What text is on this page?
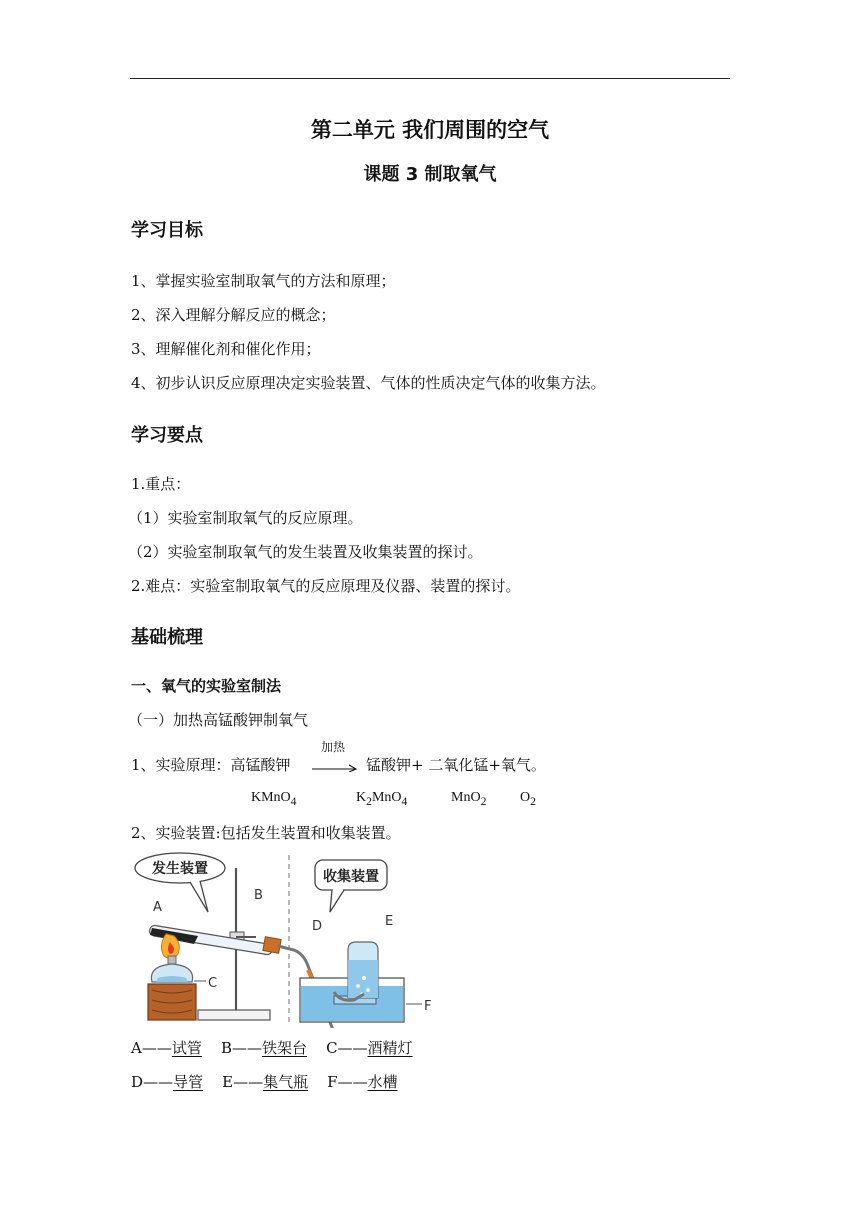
第二单元 我们周围的空气
课题 3 制取氧气
学习目标
1、掌握实验室制取氧气的方法和原理；
2、深入理解分解反应的概念；
3、理解催化剂和催化作用；
4、初步认识反应原理决定实验装置、气体的性质决定气体的收集方法。
学习要点
1.重点：
（1）实验室制取氧气的反应原理。
（2）实验室制取氧气的发生装置及收集装置的探讨。
2.难点：实验室制取氧气的反应原理及仪器、装置的探讨。
基础梳理
一、氧气的实验室制法
（一）加热高锰酸钾制氧气
1、实验原理：高锰酸钾
加热
→ 锰酸钾+ 二氧化锰+氧气。
KMnO$_4$	$K_2MnO_4$	MnO$_2$ $O_2$
2、实验装置:包括发生装置和收集装置。
发生装置	收集装置
A
B
C
D	E
F
A——试管 B——铁架台 C——酒精灯
D——导管 E——集气瓶 F——水槽
